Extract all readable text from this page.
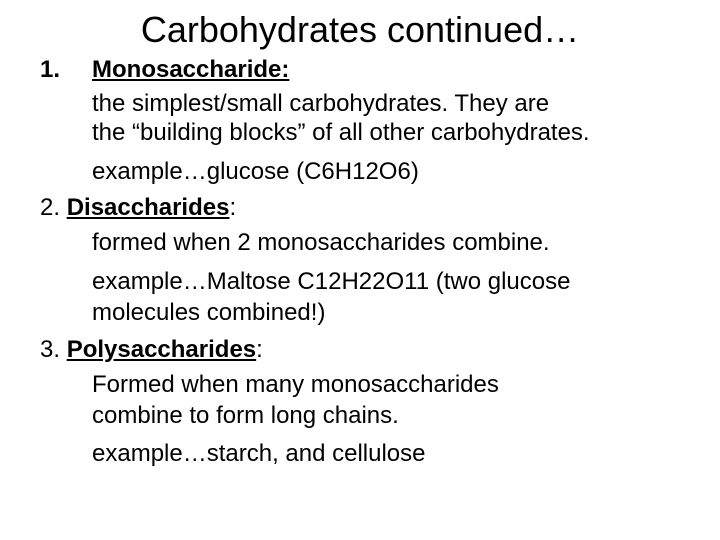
Carbohydrates continued…
1. Monosaccharide:
the simplest/small carbohydrates. They are
the “building blocks” of all other carbohydrates.
example…glucose (C6H12O6)
2. Disaccharides:
formed when 2 monosaccharides combine.
example…Maltose C12H22O11 (two glucose
molecules combined!)
3. Polysaccharides:
Formed when many monosaccharides
combine to form long chains.
example…starch, and cellulose
